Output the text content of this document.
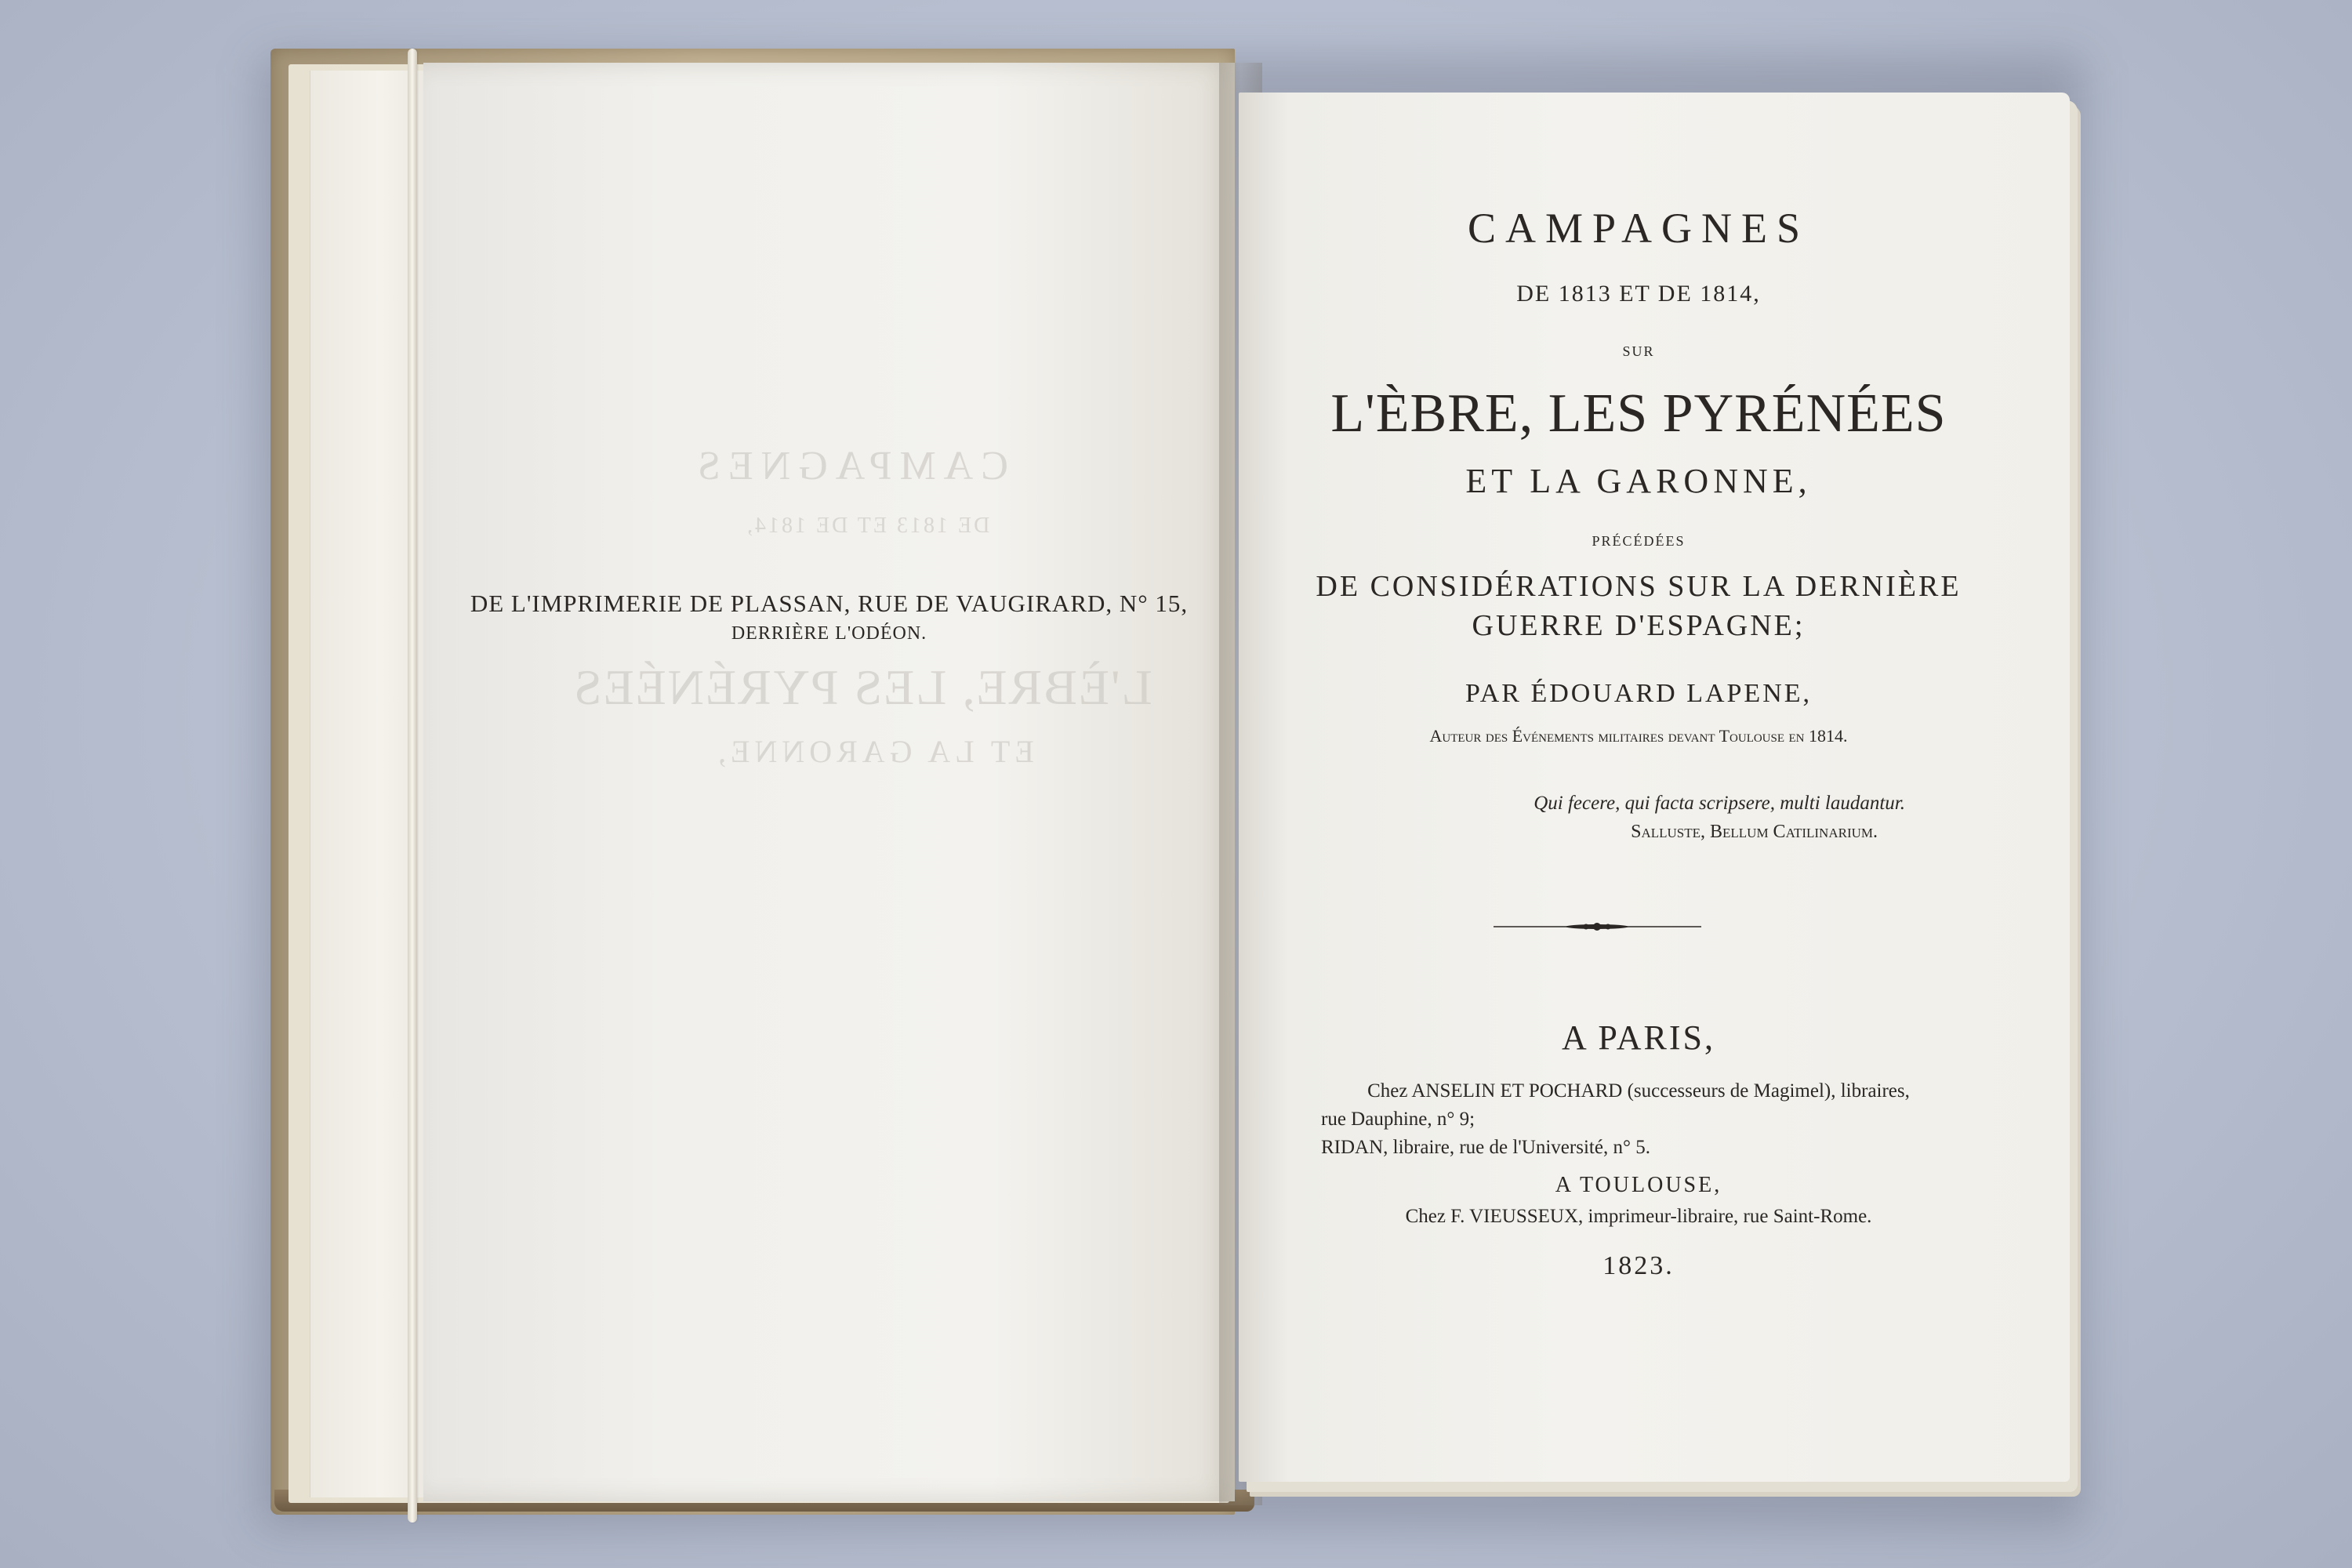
CAMPAGNES
DE 1813 ET DE 1814,
L'ÈBRE, LES PYRÉNÉES
ET LA GARONNE,
DE L'IMPRIMERIE DE PLASSAN, RUE DE VAUGIRARD, N° 15,
DERRIÈRE L'ODÉON.
CAMPAGNES
DE 1813 ET DE 1814,
SUR
L'ÈBRE, LES PYRÉNÉES
ET LA GARONNE,
PRÉCÉDÉES
DE CONSIDÉRATIONS SUR LA DERNIÈRE
GUERRE D'ESPAGNE;
PAR ÉDOUARD LAPENE,
Auteur des Événements militaires devant Toulouse en 1814.
Qui fecere, qui facta scripsere, multi laudantur.
Salluste, Bellum Catilinarium.
A PARIS,
Chez ANSELIN ET POCHARD (successeurs de Magimel), libraires,
rue Dauphine, n° 9;
RIDAN, libraire, rue de l'Université, n° 5.
A TOULOUSE,
Chez F. VIEUSSEUX, imprimeur-libraire, rue Saint-Rome.
1823.
